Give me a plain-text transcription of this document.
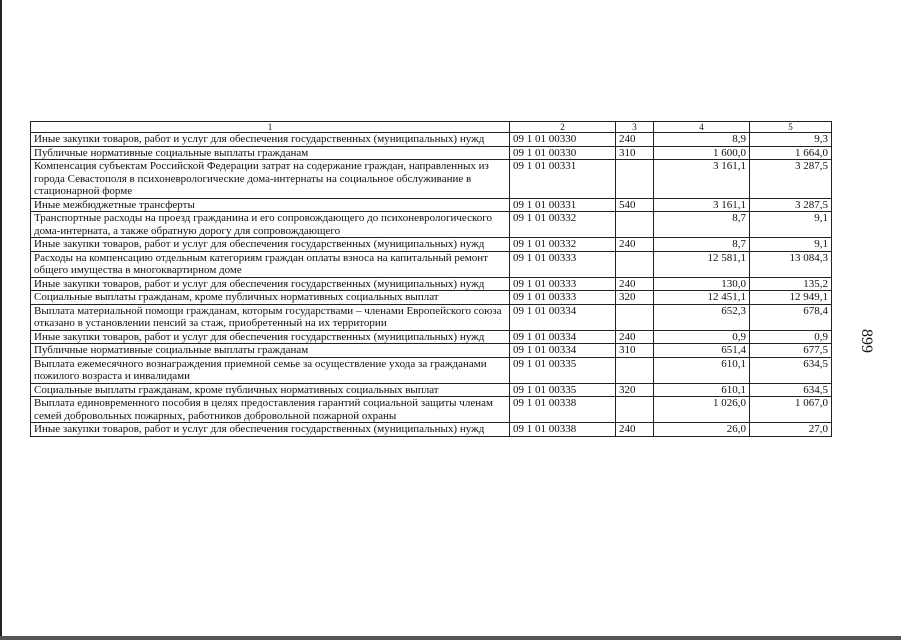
1	2	3	4	5
Иные закупки товаров, работ и услуг для обеспечения государственных (муниципальных) нужд	09 1 01 00330	240	8,9	9,3
Публичные нормативные социальные выплаты гражданам	09 1 01 00330	310	1 600,0	1 664,0
Компенсация субъектам Российской Федерации затрат на содержание граждан, направленных из города Севастополя в психоневрологические дома-интернаты на социальное обслуживание в стационарной форме	09 1 01 00331		3 161,1	3 287,5
Иные межбюджетные трансферты	09 1 01 00331	540	3 161,1	3 287,5
Транспортные расходы на проезд гражданина и его сопровождающего до психоневрологического дома-интерната, а также обратную дорогу для сопровождающего	09 1 01 00332		8,7	9,1
Иные закупки товаров, работ и услуг для обеспечения государственных (муниципальных) нужд	09 1 01 00332	240	8,7	9,1
Расходы на компенсацию отдельным категориям граждан оплаты взноса на капитальный ремонт общего имущества в многоквартирном доме	09 1 01 00333		12 581,1	13 084,3
Иные закупки товаров, работ и услуг для обеспечения государственных (муниципальных) нужд	09 1 01 00333	240	130,0	135,2
Социальные выплаты гражданам, кроме публичных нормативных социальных выплат	09 1 01 00333	320	12 451,1	12 949,1
Выплата материальной помощи гражданам, которым государствами – членами Европейского союза отказано в установлении пенсий за стаж, приобретенный на их территории	09 1 01 00334		652,3	678,4
Иные закупки товаров, работ и услуг для обеспечения государственных (муниципальных) нужд	09 1 01 00334	240	0,9	0,9
Публичные нормативные социальные выплаты гражданам	09 1 01 00334	310	651,4	677,5
Выплата ежемесячного вознаграждения приемной семье за осуществление ухода за гражданами пожилого возраста и инвалидами	09 1 01 00335		610,1	634,5
Социальные выплаты гражданам, кроме публичных нормативных социальных выплат	09 1 01 00335	320	610,1	634,5
Выплата единовременного пособия в целях предоставления гарантий социальной защиты членам семей добровольных пожарных, работников добровольной пожарной охраны	09 1 01 00338		1 026,0	1 067,0
Иные закупки товаров, работ и услуг для обеспечения государственных (муниципальных) нужд	09 1 01 00338	240	26,0	27,0
899
